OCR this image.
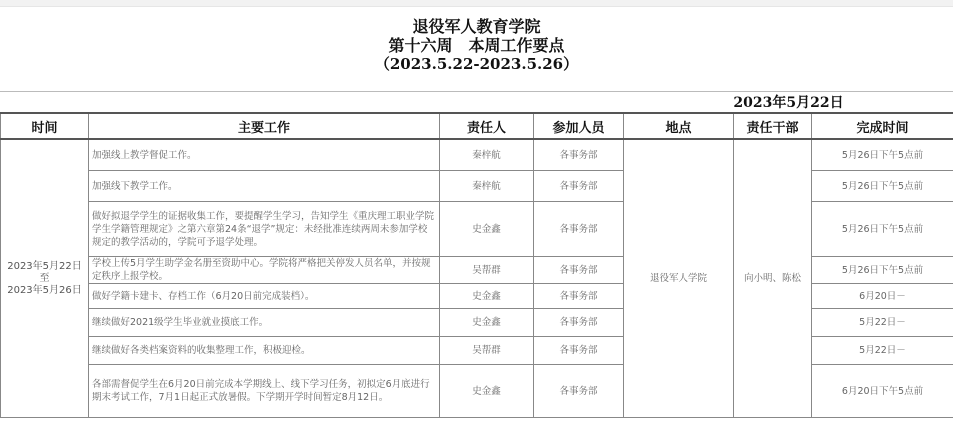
退役军人教育学院
第十六周　本周工作要点
（2023.5.22-2023.5.26）
				2023年5月22日		
时间	主要工作	责任人	参加人员	地点	责任干部	完成时间

2023年5月22日
至
2023年5月26日	加强线上教学督促工作。	秦梓航	各事务部	退役军人学院	向小明、陈松	5月26日下午5点前
	加强线下教学工作。	秦梓航	各事务部			5月26日下午5点前
	做好拟退学学生的证据收集工作，要提醒学生学习，告知学生《重庆理工职业学院学生学籍管理规定》之第六章第24条“退学”规定：未经批准连续两周未参加学校规定的教学活动的，学院可予退学处理。	史金鑫	各事务部			5月26日下午5点前
	学校上传5月学生助学金名册至资助中心。学院将严格把关停发人员名单，并按规定秩序上报学校。	吴帮群	各事务部			5月26日下午5点前
	做好学籍卡建卡、存档工作（6月20日前完成装档）。	史金鑫	各事务部			6月20日－
	继续做好2021级学生毕业就业摸底工作。	史金鑫	各事务部			5月22日－
	继续做好各类档案资料的收集整理工作，积极迎检。	吴帮群	各事务部			5月22日－
	各部需督促学生在6月20日前完成本学期线上、线下学习任务，初拟定6月底进行期末考试工作，7月1日起正式放暑假。下学期开学时间暂定8月12日。	史金鑫	各事务部			6月20日下午5点前
